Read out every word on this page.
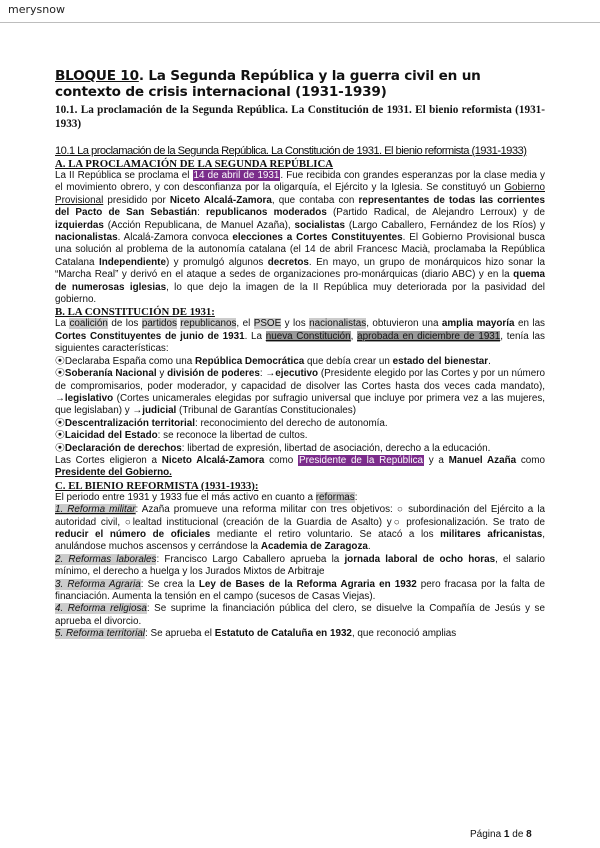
merysnow
BLOQUE 10. La Segunda República y la guerra civil en un contexto de crisis internacional (1931-1939)

10.1. La proclamación de la Segunda República. La Constitución de 1931. El bienio reformista (1931- 1933)

10.1 La proclamación de la Segunda República. La Constitución de 1931. El bienio reformista (1931-1933)

A. LA PROCLAMACIÓN DE LA SEGUNDA REPÚBLICA

La II República se proclama el 14 de abril de 1931. Fue recibida con grandes esperanzas por la clase media y el movimiento obrero, y con desconfianza por la oligarquía, el Ejército y la Iglesia. Se constituyó un Gobierno Provisional presidido por Niceto Alcalá-Zamora, que contaba con representantes de todas las corrientes del Pacto de San Sebastián: republicanos moderados (Partido Radical, de Alejandro Lerroux) y de izquierdas (Acción Republicana, de Manuel Azaña), socialistas (Largo Caballero, Fernández de los Ríos) y nacionalistas. Alcalá-Zamora convoca elecciones a Cortes Constituyentes. El Gobierno Provisional busca una solución al problema de la autonomía catalana (el 14 de abril Francesc Macià, proclamaba la República Catalana Independiente) y promulgó algunos decretos. En mayo, un grupo de monárquicos hizo sonar la “Marcha Real” y derivó en el ataque a sedes de organizaciones pro-monárquicas (diario ABC) y en la quema de numerosas iglesias, lo que dejo la imagen de la II República muy deteriorada por la pasividad del gobierno.

B. LA CONSTITUCIÓN DE 1931:

La coalición de los partidos republicanos, el PSOE y los nacionalistas, obtuvieron una amplia mayoría en las Cortes Constituyentes de junio de 1931. La nueva Constitución, aprobada en diciembre de 1931, tenía las siguientes características:

⦿Declaraba España como una República Democrática que debía crear un estado del bienestar.

⦿Soberanía Nacional y división de poderes: →ejecutivo (Presidente elegido por las Cortes y por un número de compromisarios, poder moderador, y capacidad de disolver las Cortes hasta dos veces cada mandato), →legislativo (Cortes unicamerales elegidas por sufragio universal que incluye por primera vez a las mujeres, que legislaban) y →judicial (Tribunal de Garantías Constitucionales)

⦿Descentralización territorial: reconocimiento del derecho de autonomía.

⦿Laicidad del Estado: se reconoce la libertad de cultos.

⦿Declaración de derechos: libertad de expresión, libertad de asociación, derecho a la educación.

Las Cortes eligieron a Niceto Alcalá-Zamora como Presidente de la República y a Manuel Azaña como Presidente del Gobierno.

C. EL BIENIO REFORMISTA (1931-1933):

El periodo entre 1931 y 1933 fue el más activo en cuanto a reformas:

1. Reforma militar: Azaña promueve una reforma militar con tres objetivos: ○ subordinación del Ejército a la autoridad civil, ○lealtad institucional (creación de la Guardia de Asalto) y○ profesionalización. Se trato de reducir el número de oficiales mediante el retiro voluntario. Se atacó a los militares africanistas, anulándose muchos ascensos y cerrándose la Academia de Zaragoza.

2. Reformas laborales: Francisco Largo Caballero aprueba la jornada laboral de ocho horas, el salario mínimo, el derecho a huelga y los Jurados Mixtos de Arbitraje

3. Reforma Agraria: Se crea la Ley de Bases de la Reforma Agraria en 1932 pero fracasa por la falta de financiación. Aumenta la tensión en el campo (sucesos de Casas Viejas).

4. Reforma religiosa: Se suprime la financiación pública del clero, se disuelve la Compañía de Jesús y se aprueba el divorcio.

5. Reforma territorial: Se aprueba el Estatuto de Cataluña en 1932, que reconoció amplias

Página 1 de 8
